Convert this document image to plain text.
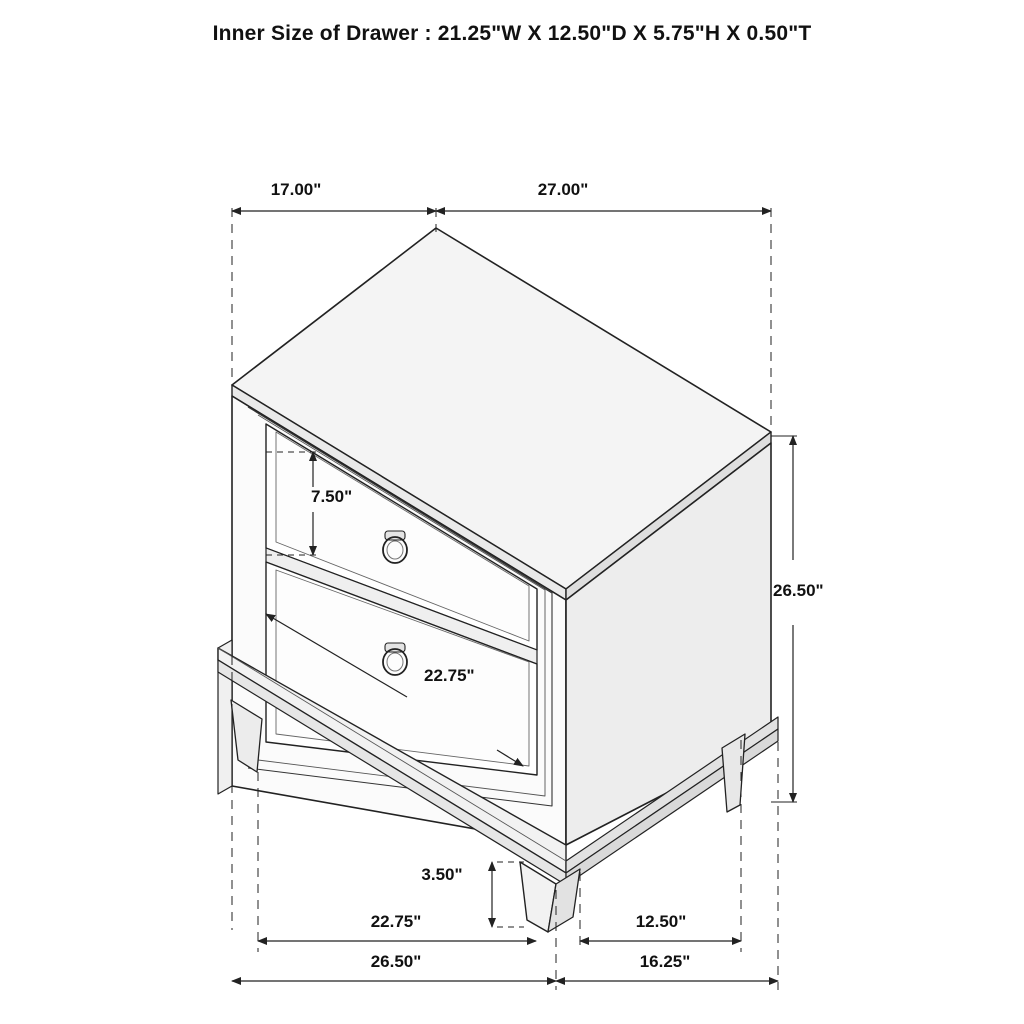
Inner Size of Drawer : 21.25"W X 12.50"D X 5.75"H X 0.50"T
17.00"	27.00"
7.50"
26.50"
22.75"
3.50"
22.75"	12.50"
26.50"	16.25"
